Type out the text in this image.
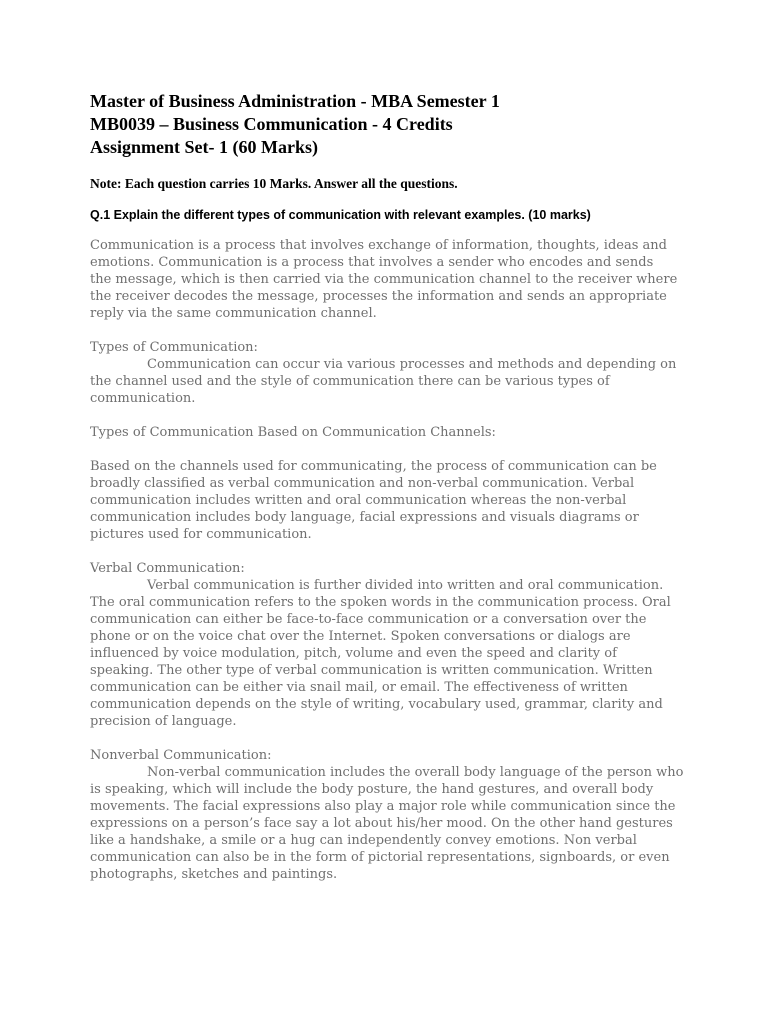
Master of Business Administration - MBA Semester 1
MB0039 – Business Communication - 4 Credits
Assignment Set- 1 (60 Marks)

Note: Each question carries 10 Marks. Answer all the questions.

Q.1 Explain the different types of communication with relevant examples. (10 marks)

Communication is a process that involves exchange of information, thoughts, ideas and
emotions. Communication is a process that involves a sender who encodes and sends
the message, which is then carried via the communication channel to the receiver where
the receiver decodes the message, processes the information and sends an appropriate
reply via the same communication channel.
Types of Communication:
Communication can occur via various processes and methods and depending on
the channel used and the style of communication there can be various types of
communication.
Types of Communication Based on Communication Channels:
Based on the channels used for communicating, the process of communication can be
broadly classified as verbal communication and non-verbal communication. Verbal
communication includes written and oral communication whereas the non-verbal
communication includes body language, facial expressions and visuals diagrams or
pictures used for communication.
Verbal Communication:
Verbal communication is further divided into written and oral communication.
The oral communication refers to the spoken words in the communication process. Oral
communication can either be face-to-face communication or a conversation over the
phone or on the voice chat over the Internet. Spoken conversations or dialogs are
influenced by voice modulation, pitch, volume and even the speed and clarity of
speaking. The other type of verbal communication is written communication. Written
communication can be either via snail mail, or email. The effectiveness of written
communication depends on the style of writing, vocabulary used, grammar, clarity and
precision of language.
Nonverbal Communication:
Non-verbal communication includes the overall body language of the person who
is speaking, which will include the body posture, the hand gestures, and overall body
movements. The facial expressions also play a major role while communication since the
expressions on a person’s face say a lot about his/her mood. On the other hand gestures
like a handshake, a smile or a hug can independently convey emotions. Non verbal
communication can also be in the form of pictorial representations, signboards, or even
photographs, sketches and paintings.
